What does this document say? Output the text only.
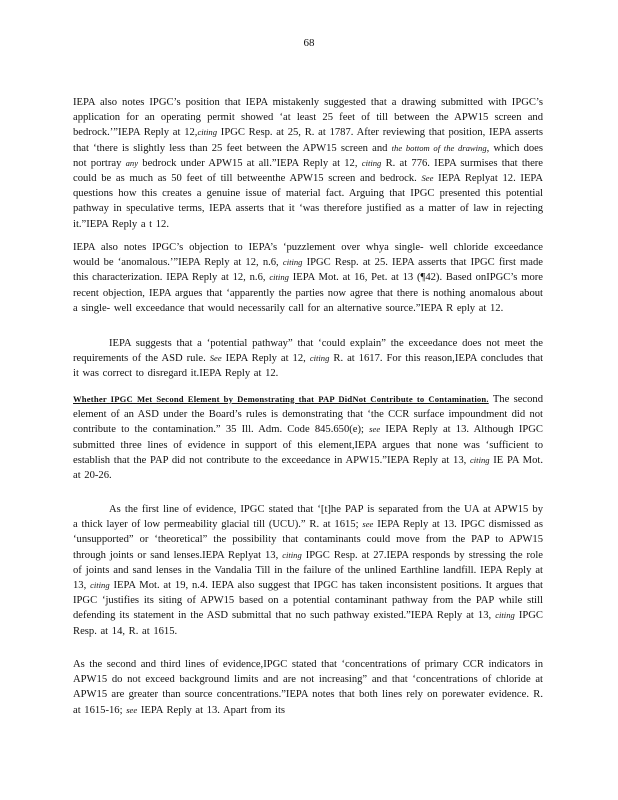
68

IEPA also notes IPGC’s position that IEPA mistakenly suggested that a drawing submitted with IPGC’s application for an operating permit showed ‘at least 25 feet of till between the APW15 screen and bedrock.’”IEPA Reply at 12,citing IPGC Resp. at 25, R. at 1787. After reviewing that position, IEPA asserts that ‘there is slightly less than 25 feet between the APW15 screen and the bottom of the drawing, which does not portray any bedrock under APW15 at all.”IEPA Reply at 12, citing R. at 776. IEPA surmises that there could be as much as 50 feet of till betweenthe APW15 screen and bedrock. See IEPA Replyat 12. IEPA questions how this creates a genuine issue of material fact. Arguing that IPGC presented this potential pathway in speculative terms, IEPA asserts that it ‘was therefore justified as a matter of law in rejecting it.”IEPA Reply a t 12.

IEPA also notes IPGC’s objection to IEPA’s ‘puzzlement over whya single- well chloride exceedance would be ‘anomalous.’”IEPA Reply at 12, n.6, citing IPGC Resp. at 25. IEPA asserts that IPGC first made this characterization. IEPA Reply at 12, n.6, citing IEPA Mot. at 16, Pet. at 13 (¶42). Based onIPGC’s more recent objection, IEPA argues that ‘apparently the parties now agree that there is nothing anomalous about a single- well exceedance that would necessarily call for an alternative source.”IEPA R eply at 12.

IEPA suggests that a ‘potential pathway” that ‘could explain” the exceedance does not meet the requirements of the ASD rule. See IEPA Reply at 12, citing R. at 1617. For this reason,IEPA concludes that it was correct to disregard it.IEPA Reply at 12.

Whether IPGC Met Second Element by Demonstrating that PAP DidNot Contribute to Contamination. The second element of an ASD under the Board’s rules is demonstrating that ‘the CCR surface impoundment did not contribute to the contamination.” 35 Ill. Adm. Code 845.650(e); see IEPA Reply at 13. Although IPGC submitted three lines of evidence in support of this element,IEPA argues that none was ‘sufficient to establish that the PAP did not contribute to the exceedance in APW15.”IEPA Reply at 13, citing IE PA Mot. at 20-26.

As the first line of evidence, IPGC stated that ‘[t]he PAP is separated from the UA at APW15 by a thick layer of low permeability glacial till (UCU).” R. at 1615; see IEPA Reply at 13. IPGC dismissed as ‘unsupported” or ‘theoretical” the possibility that contaminants could move from the PAP to APW15 through joints or sand lenses.IEPA Replyat 13, citing IPGC Resp. at 27.IEPA responds by stressing the role of joints and sand lenses in the Vandalia Till in the failure of the unlined Earthline landfill. IEPA Reply at 13, citing IEPA Mot. at 19, n.4. IEPA also suggest that IPGC has taken inconsistent positions. It argues that IPGC ‘justifies its siting of APW15 based on a potential contaminant pathway from the PAP while still defending its statement in the ASD submittal that no such pathway existed.”IEPA Reply at 13, citing IPGC Resp. at 14, R. at 1615.

As the second and third lines of evidence,IPGC stated that ‘concentrations of primary CCR indicators in APW15 do not exceed background limits and are not increasing” and that ‘concentrations of chloride at APW15 are greater than source concentrations.”IEPA notes that both lines rely on porewater evidence. R. at 1615-16; see IEPA Reply at 13. Apart from its
